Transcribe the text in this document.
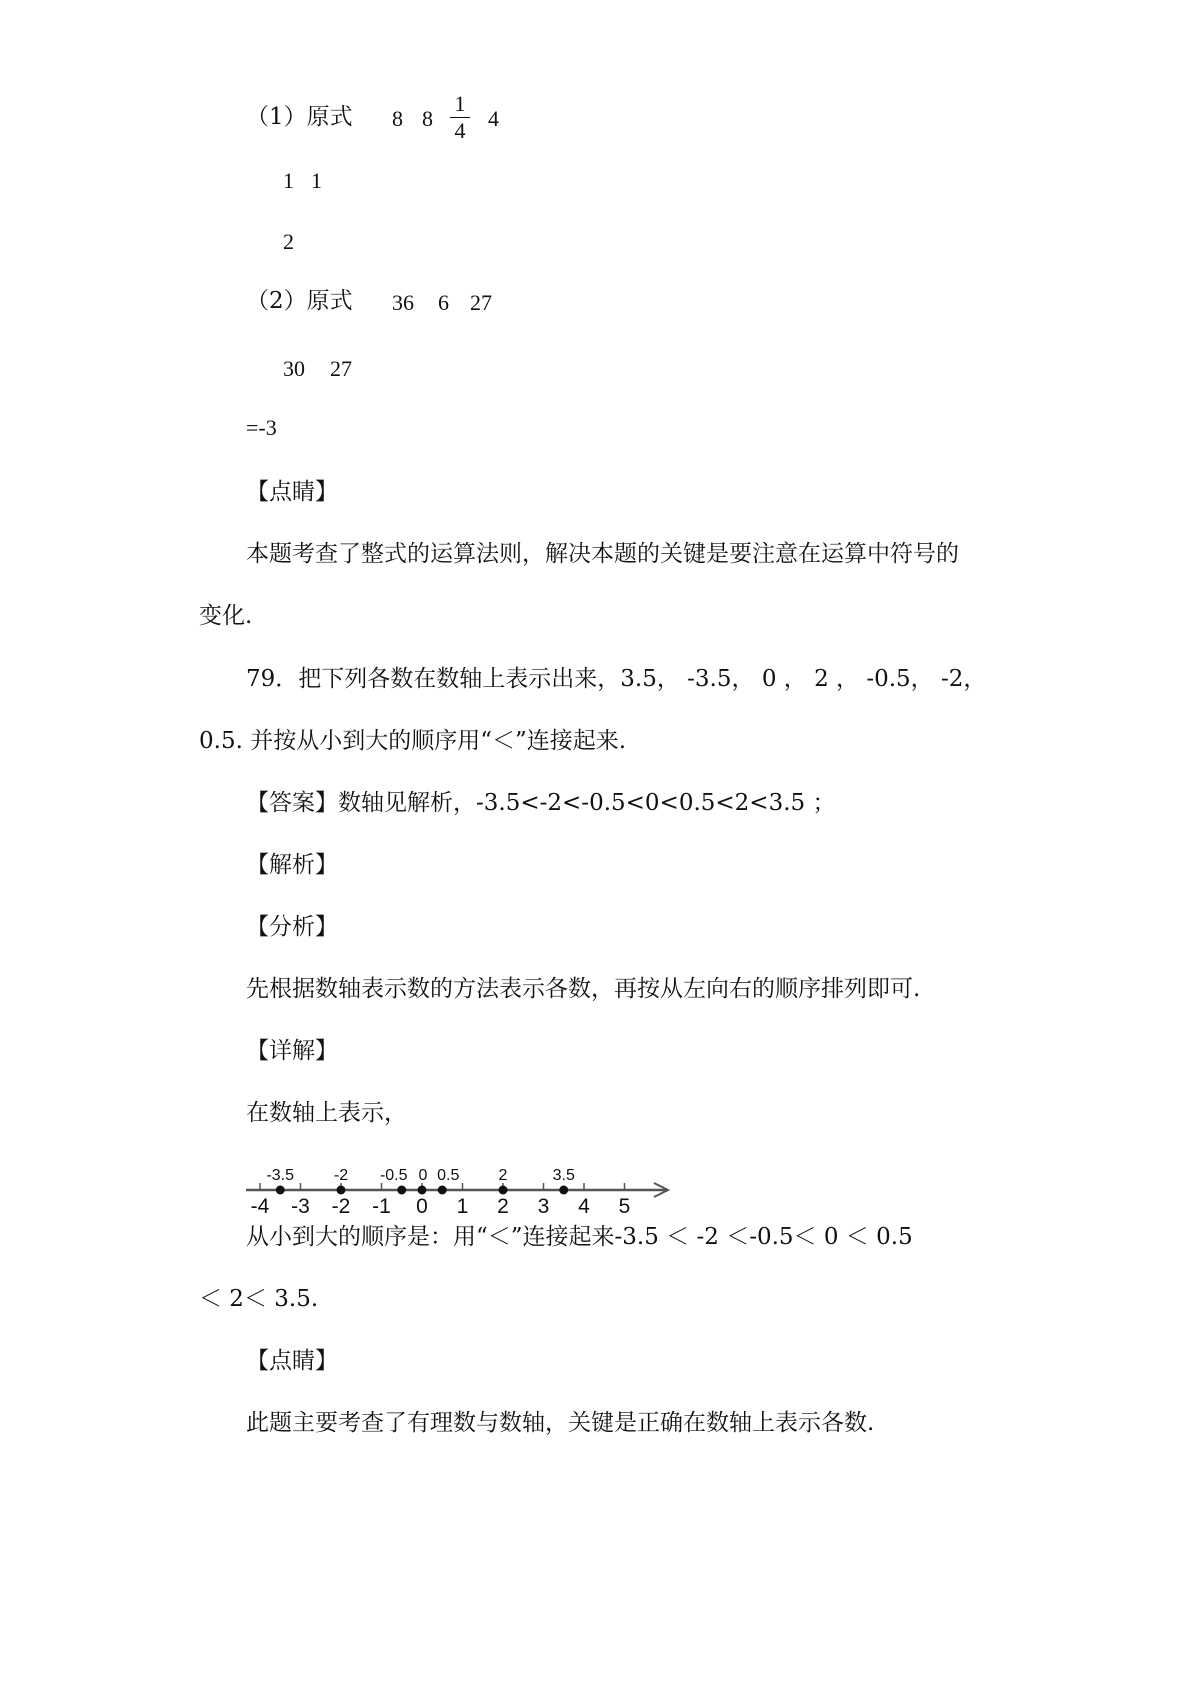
（1）原式 8 8
1
4 4
1 1
2
（2）原式 36 6 27
30 27
=-3
【点睛】
本题考查了整式的运算法则，解决本题的关键是要注意在运算中符号的
变化.
79．把下列各数在数轴上表示出来，3.5， -3.5， 0 ， 2 ， -0.5， -2，
0.5. 并按从小到大的顺序用“＜”连接起来.
【答案】数轴见解析，-3.5<-2<-0.5<0<0.5<2<3.5 ；
【解析】
【分析】
先根据数轴表示数的方法表示各数，再按从左向右的顺序排列即可.
【详解】
在数轴上表示，
-4 -3 -2 -1 0 1 2 3 4 5
-3.5 -2 -0.5 0 0.5 2	3.5
从小到大的顺序是：用“＜”连接起来-3.5 ＜ -2 ＜-0.5＜ 0 ＜ 0.5
＜ 2＜ 3.5.
【点睛】
此题主要考查了有理数与数轴，关键是正确在数轴上表示各数.
